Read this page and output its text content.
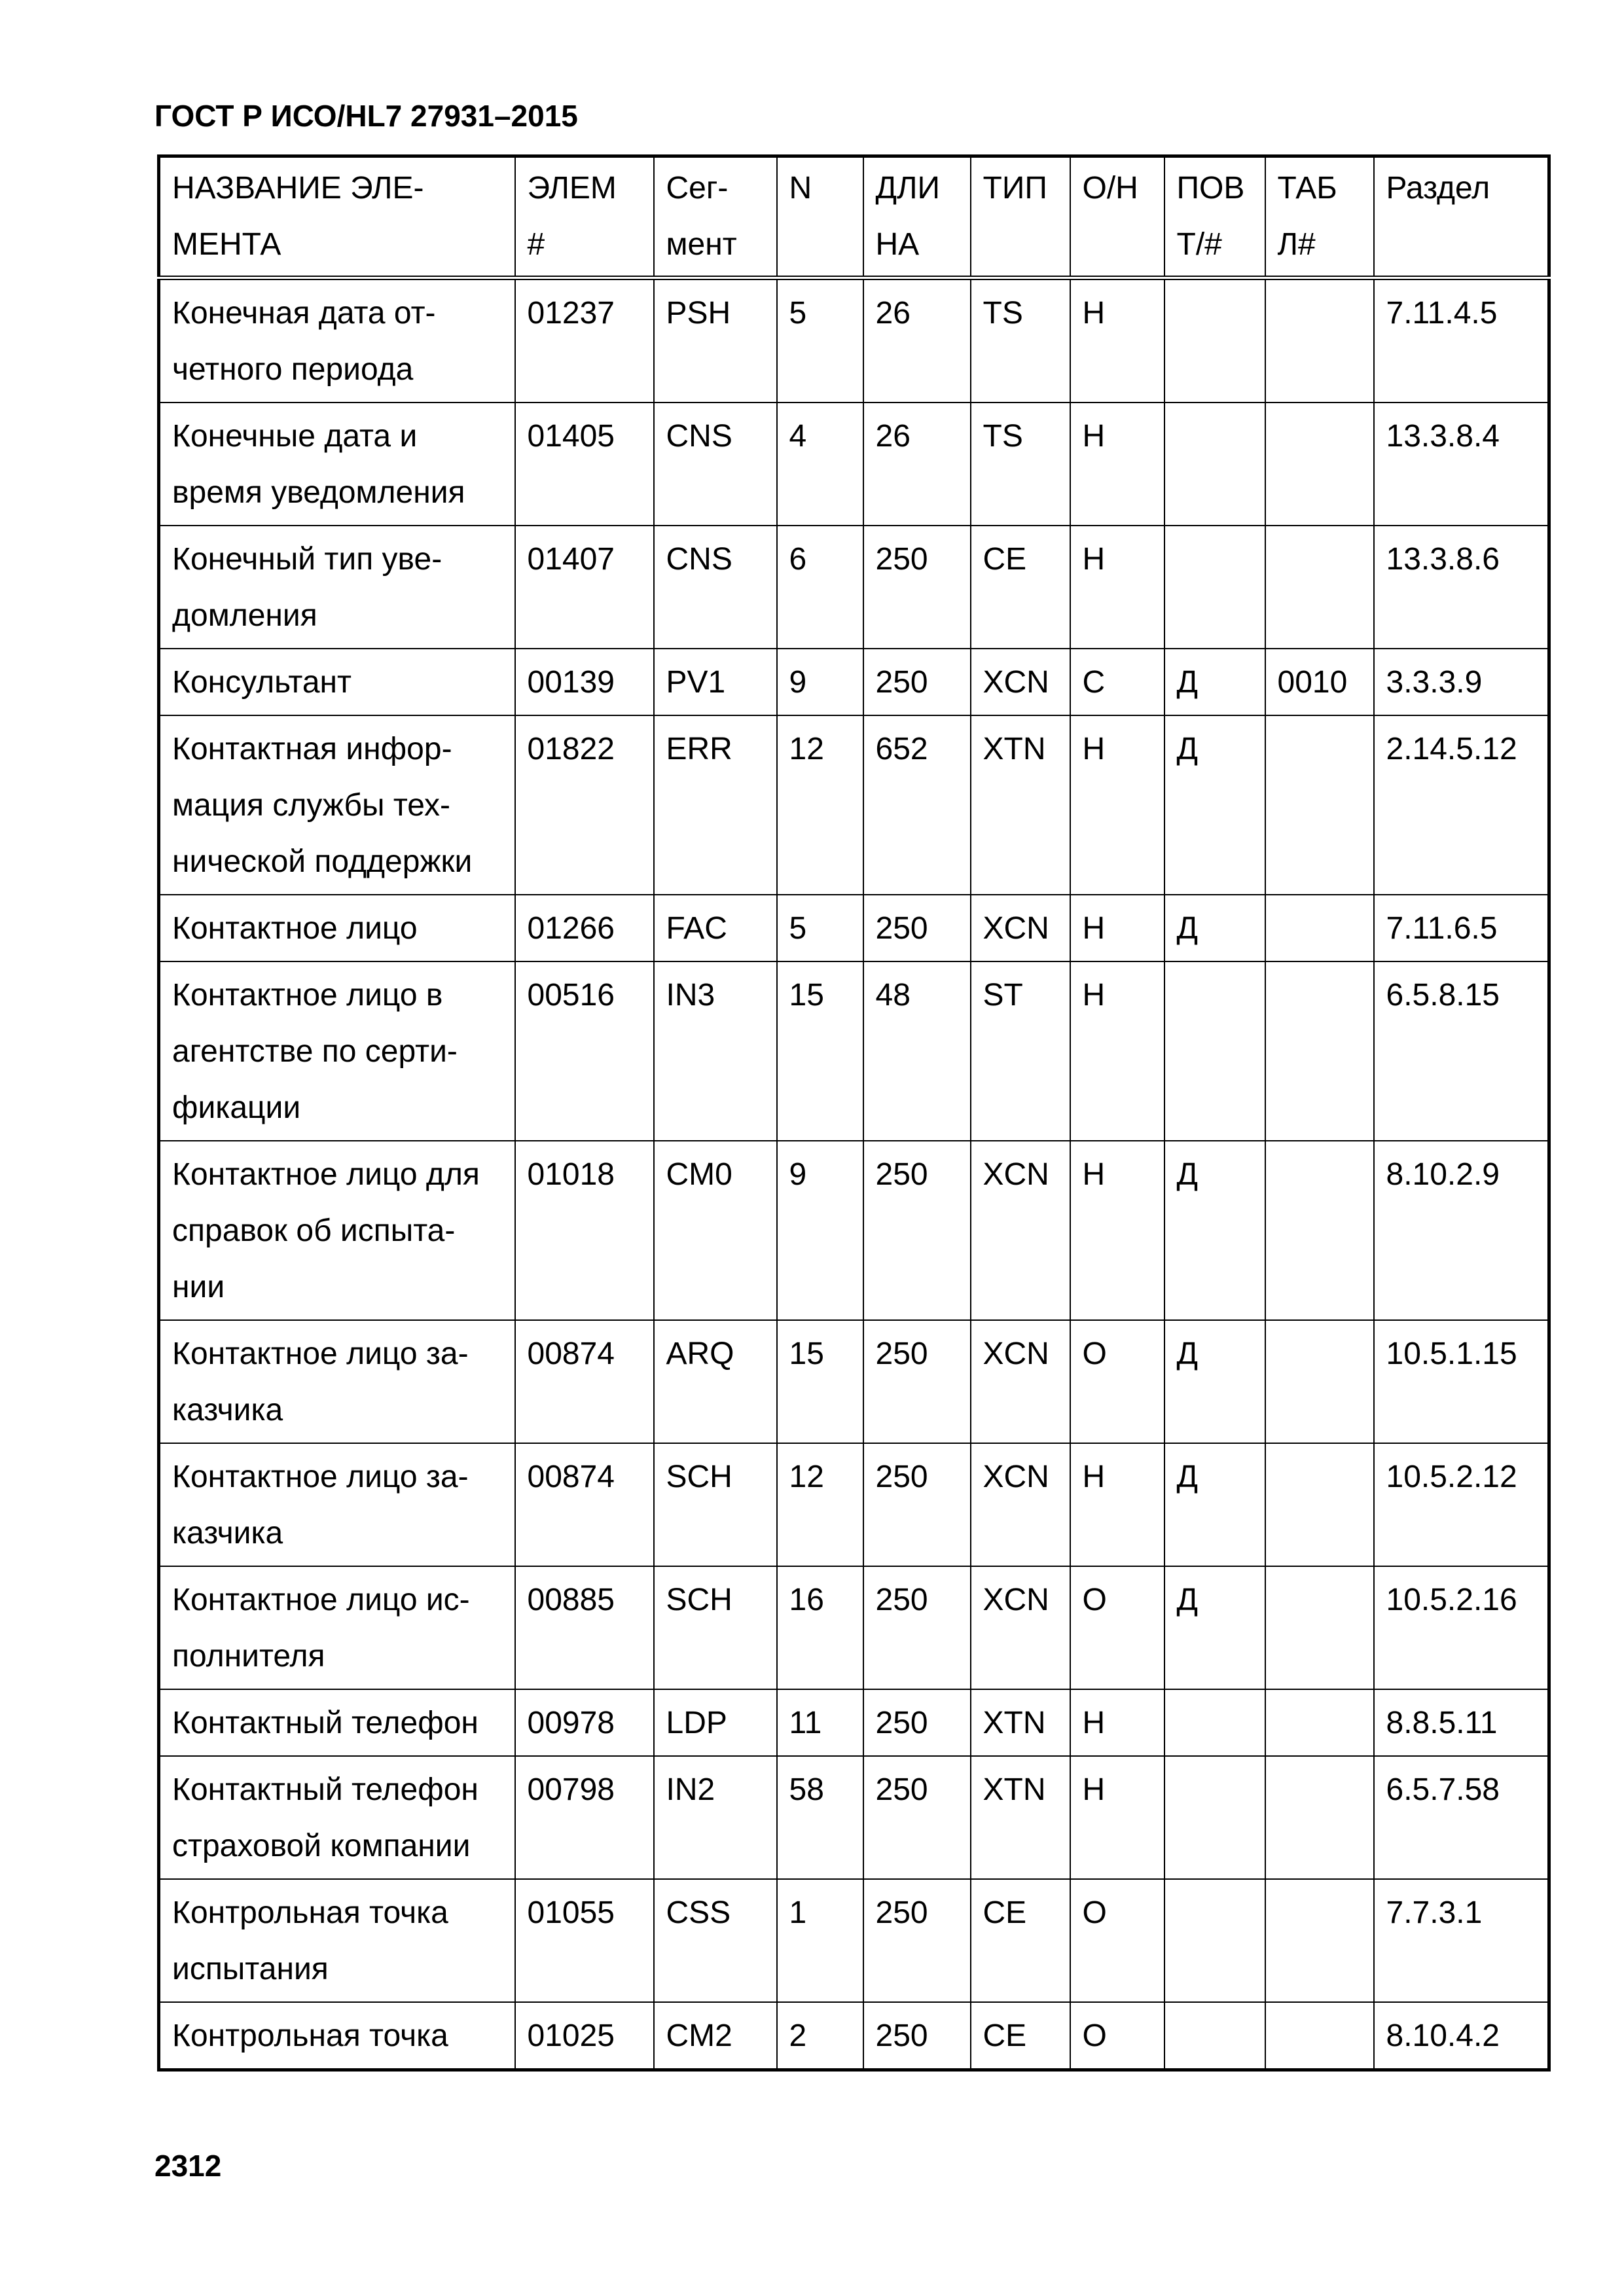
ГОСТ Р ИСО/HL7 27931–2015
НАЗВАНИЕ ЭЛЕ-МЕНТА	ЭЛЕМ #	Сег-мент	N	ДЛИ НА	ТИП	О/Н	ПОВ Т/#	ТАБ Л#	Раздел
Конечная дата от-четного периода	01237	PSH	5	26	TS	Н			7.11.4.5
Конечные дата и время уведомления	01405	CNS	4	26	TS	Н			13.3.8.4
Конечный тип уве-домления	01407	CNS	6	250	CE	Н			13.3.8.6
Консультант	00139	PV1	9	250	XCN	С	Д	0010	3.3.3.9
Контактная инфор-мация службы тех-нической поддержки	01822	ERR	12	652	XTN	Н	Д		2.14.5.12
Контактное лицо	01266	FAC	5	250	XCN	Н	Д		7.11.6.5
Контактное лицо в агентстве по серти-фикации	00516	IN3	15	48	ST	Н			6.5.8.15
Контактное лицо для справок об испыта-нии	01018	CM0	9	250	XCN	Н	Д		8.10.2.9
Контактное лицо за-казчика	00874	ARQ	15	250	XCN	О	Д		10.5.1.15
Контактное лицо за-казчика	00874	SCH	12	250	XCN	Н	Д		10.5.2.12
Контактное лицо ис-полнителя	00885	SCH	16	250	XCN	О	Д		10.5.2.16
Контактный телефон	00978	LDP	11	250	XTN	Н			8.8.5.11
Контактный телефон страховой компании	00798	IN2	58	250	XTN	Н			6.5.7.58
Контрольная точка испытания	01055	CSS	1	250	CE	О			7.7.3.1
Контрольная точка	01025	CM2	2	250	CE	О			8.10.4.2
2312
